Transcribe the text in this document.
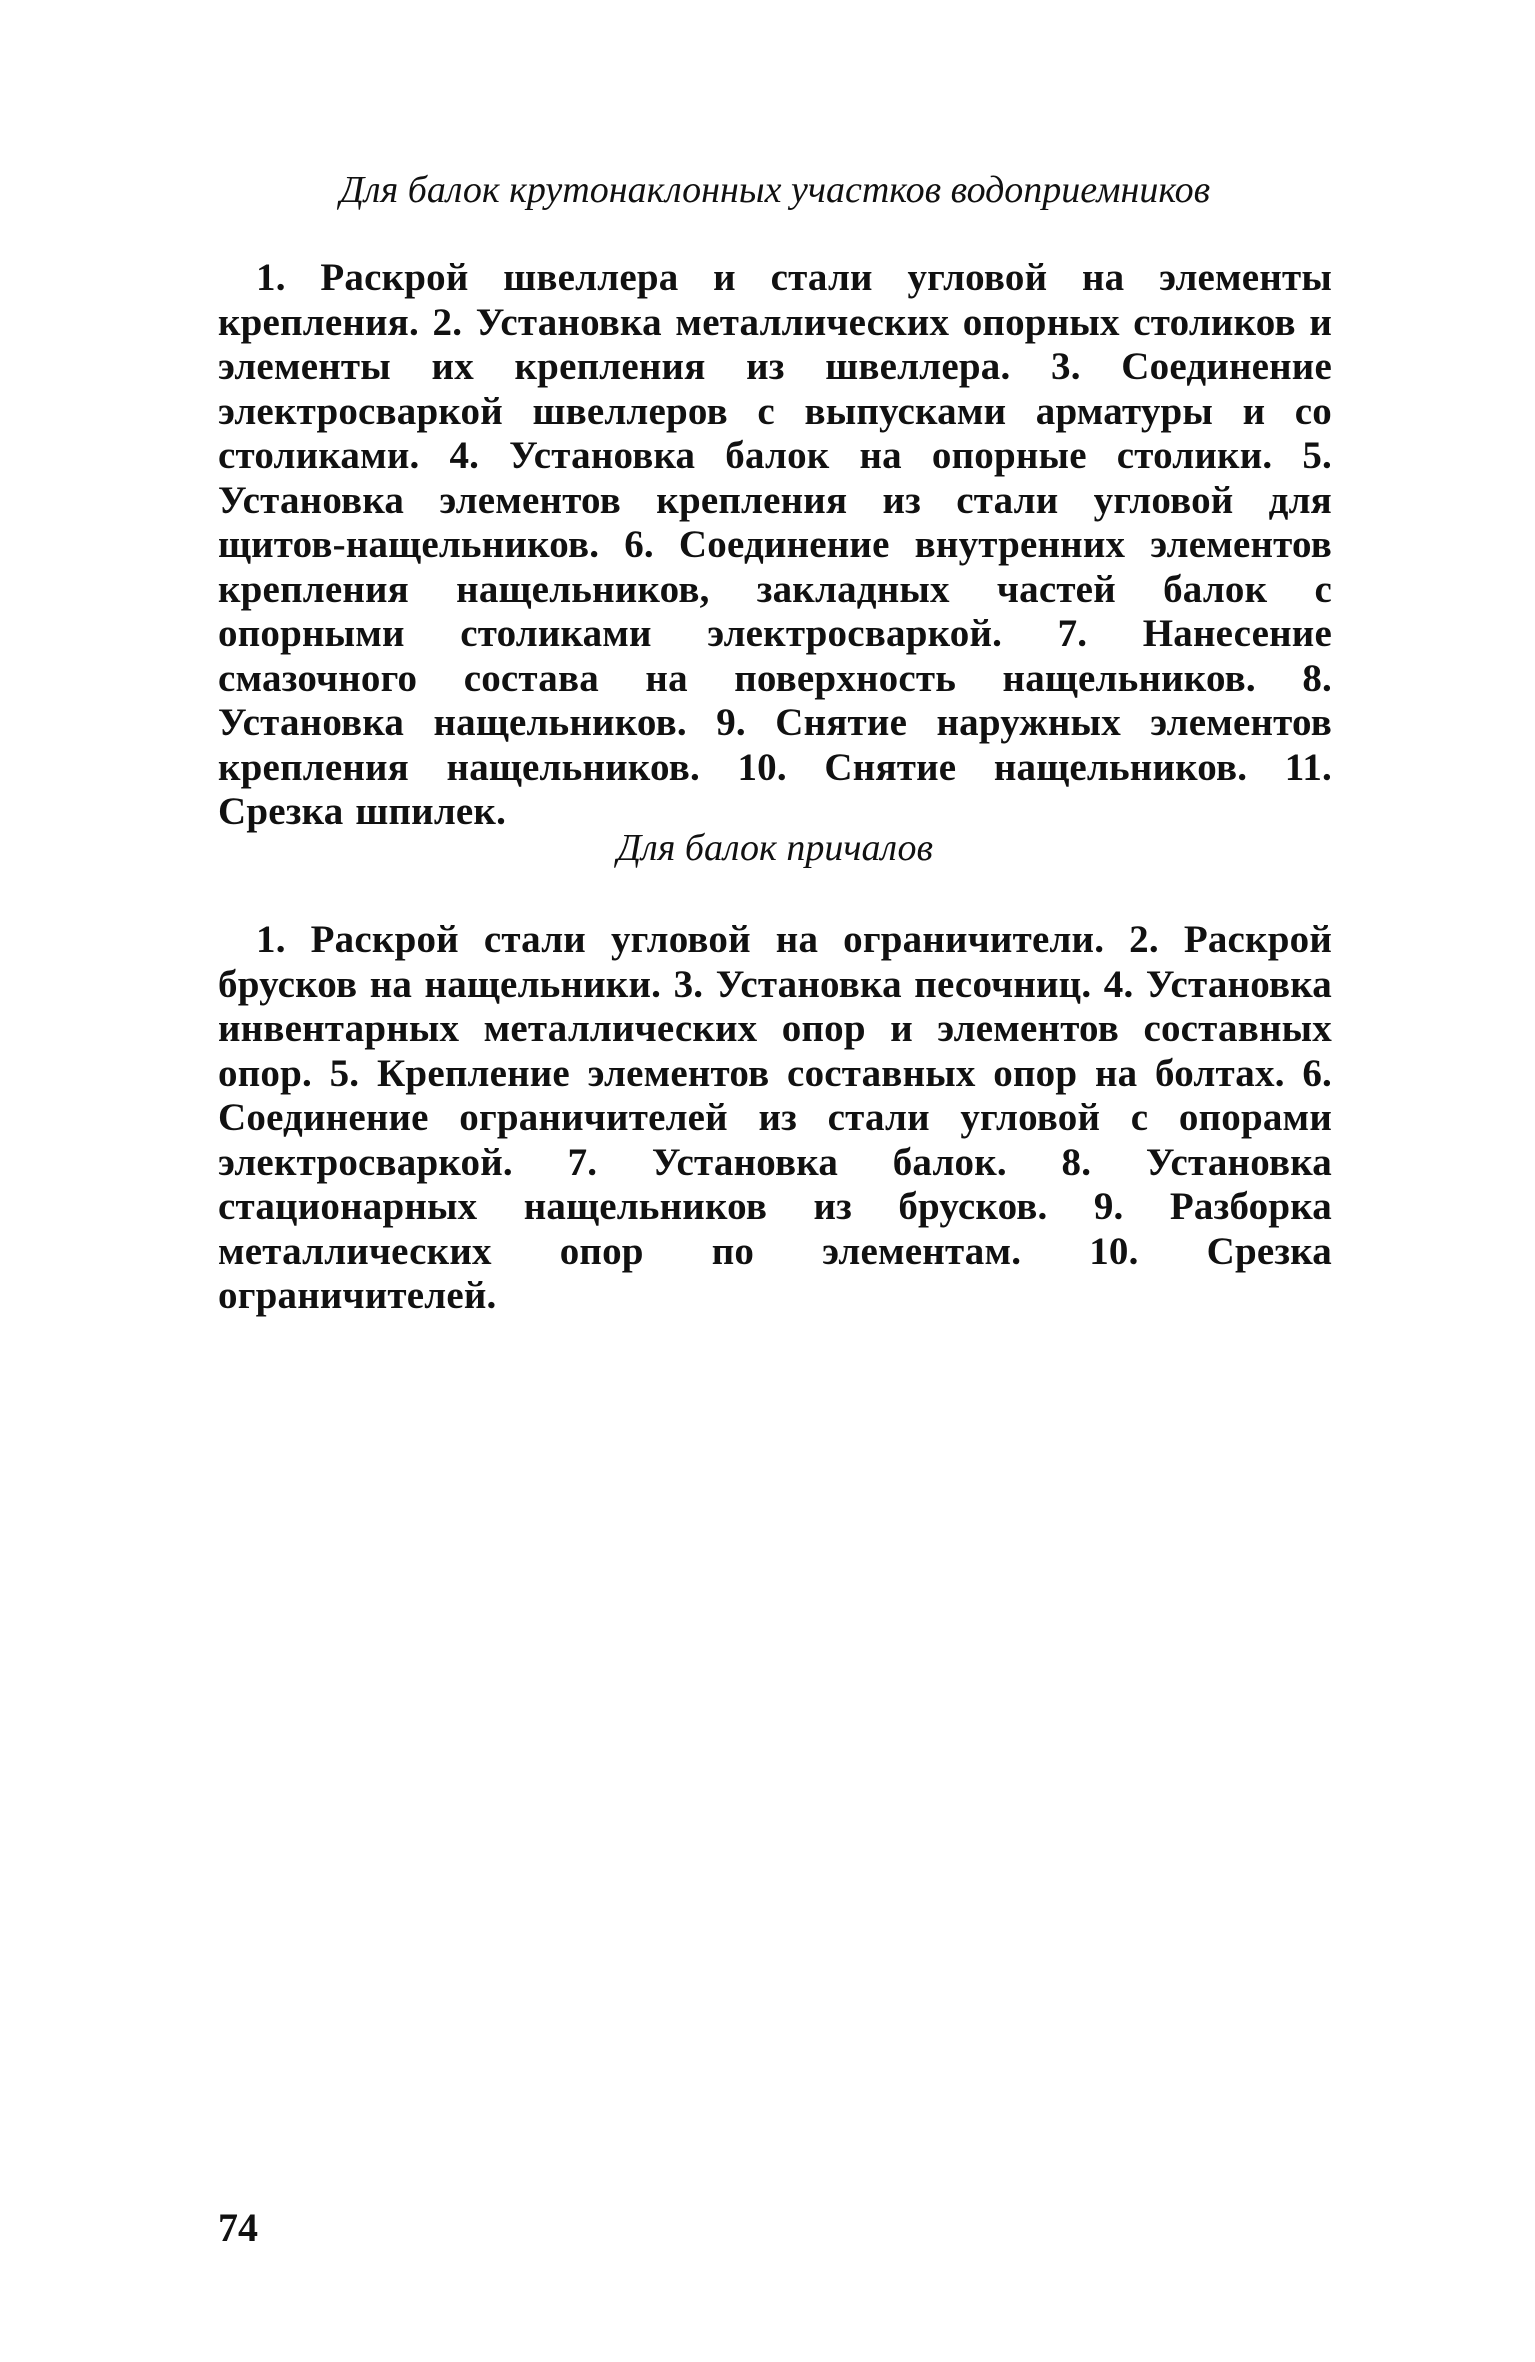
Для балок крутонаклонных участков водоприемников

1. Раскрой швеллера и стали угловой на элементы крепления. 2. Установка металлических опорных столиков и элементы их крепления из швеллера. 3. Соединение электросваркой швеллеров с выпусками арматуры и со столиками. 4. Установка балок на опорные столики. 5. Установка элементов крепления из стали угловой для щитов-нащельников. 6. Соединение внутренних элементов крепления нащельников, закладных частей балок с опорными столиками электросваркой. 7. Нанесение смазочного состава на поверхность нащельников. 8. Установка нащельников. 9. Снятие наружных элементов крепления нащельников. 10. Снятие нащельников. 11. Срезка шпилек.

Для балок причалов

1. Раскрой стали угловой на ограничители. 2. Раскрой брусков на нащельники. 3. Установка песочниц. 4. Установка инвентарных металлических опор и элементов составных опор. 5. Крепление элементов составных опор на болтах. 6. Соединение ограничителей из стали угловой с опорами электросваркой. 7. Установка балок. 8. Установка стационарных нащельников из брусков. 9. Разборка металлических опор по элементам. 10. Срезка ограничителей.

74
